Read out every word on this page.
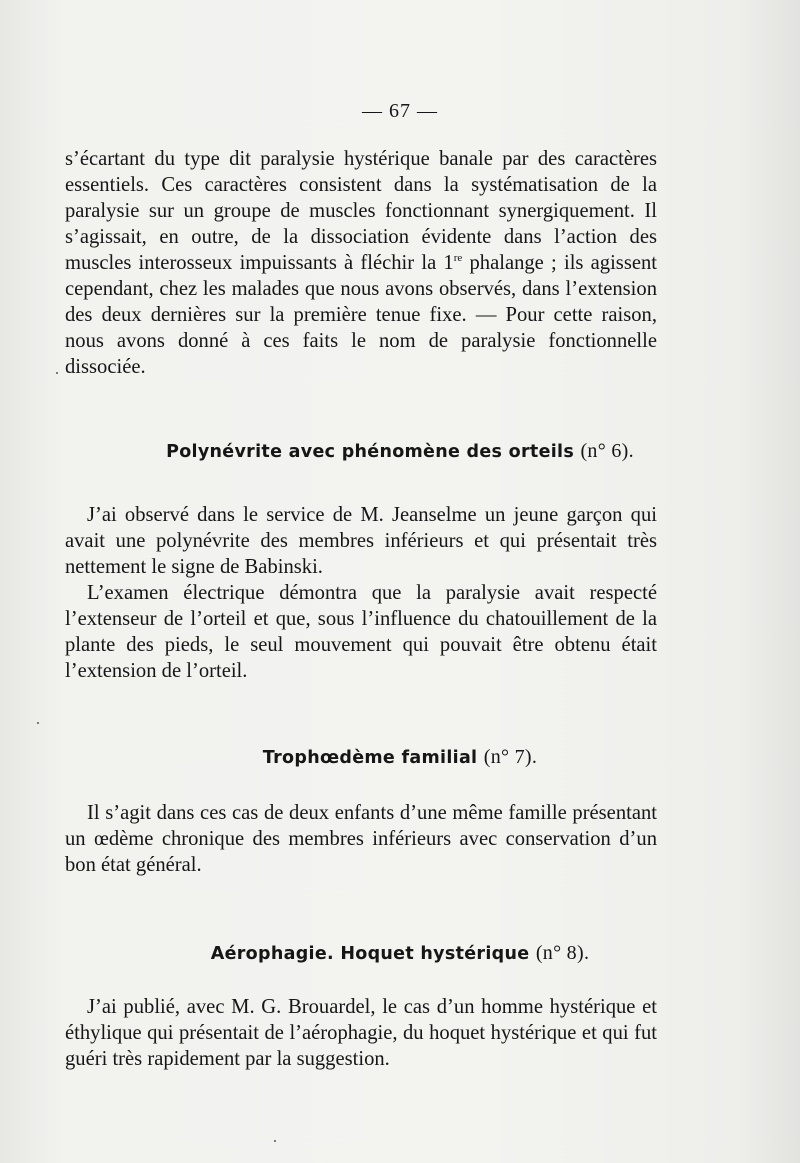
— 67 —

s’écartant du type dit paralysie hystérique banale par des caractères essentiels. Ces caractères consistent dans la systématisation de la paralysie sur un groupe de muscles fonctionnant synergiquement. Il s’agissait, en outre, de la dissociation évidente dans l’action des muscles interosseux impuissants à fléchir la 1re phalange ; ils agissent cependant, chez les malades que nous avons observés, dans l’extension des deux dernières sur la première tenue fixe. — Pour cette raison, nous avons donné à ces faits le nom de paralysie fonctionnelle dissociée.

Polynévrite avec phénomène des orteils (n° 6).

J’ai observé dans le service de M. Jeanselme un jeune garçon qui avait une polynévrite des membres inférieurs et qui présentait très nettement le signe de Babinski.

L’examen électrique démontra que la paralysie avait respecté l’extenseur de l’orteil et que, sous l’influence du chatouillement de la plante des pieds, le seul mouvement qui pouvait être obtenu était l’extension de l’orteil.

Trophœdème familial (n° 7).

Il s’agit dans ces cas de deux enfants d’une même famille présentant un œdème chronique des membres inférieurs avec conservation d’un bon état général.

Aérophagie. Hoquet hystérique (n° 8).

J’ai publié, avec M. G. Brouardel, le cas d’un homme hystérique et éthylique qui présentait de l’aérophagie, du hoquet hystérique et qui fut guéri très rapidement par la suggestion.
